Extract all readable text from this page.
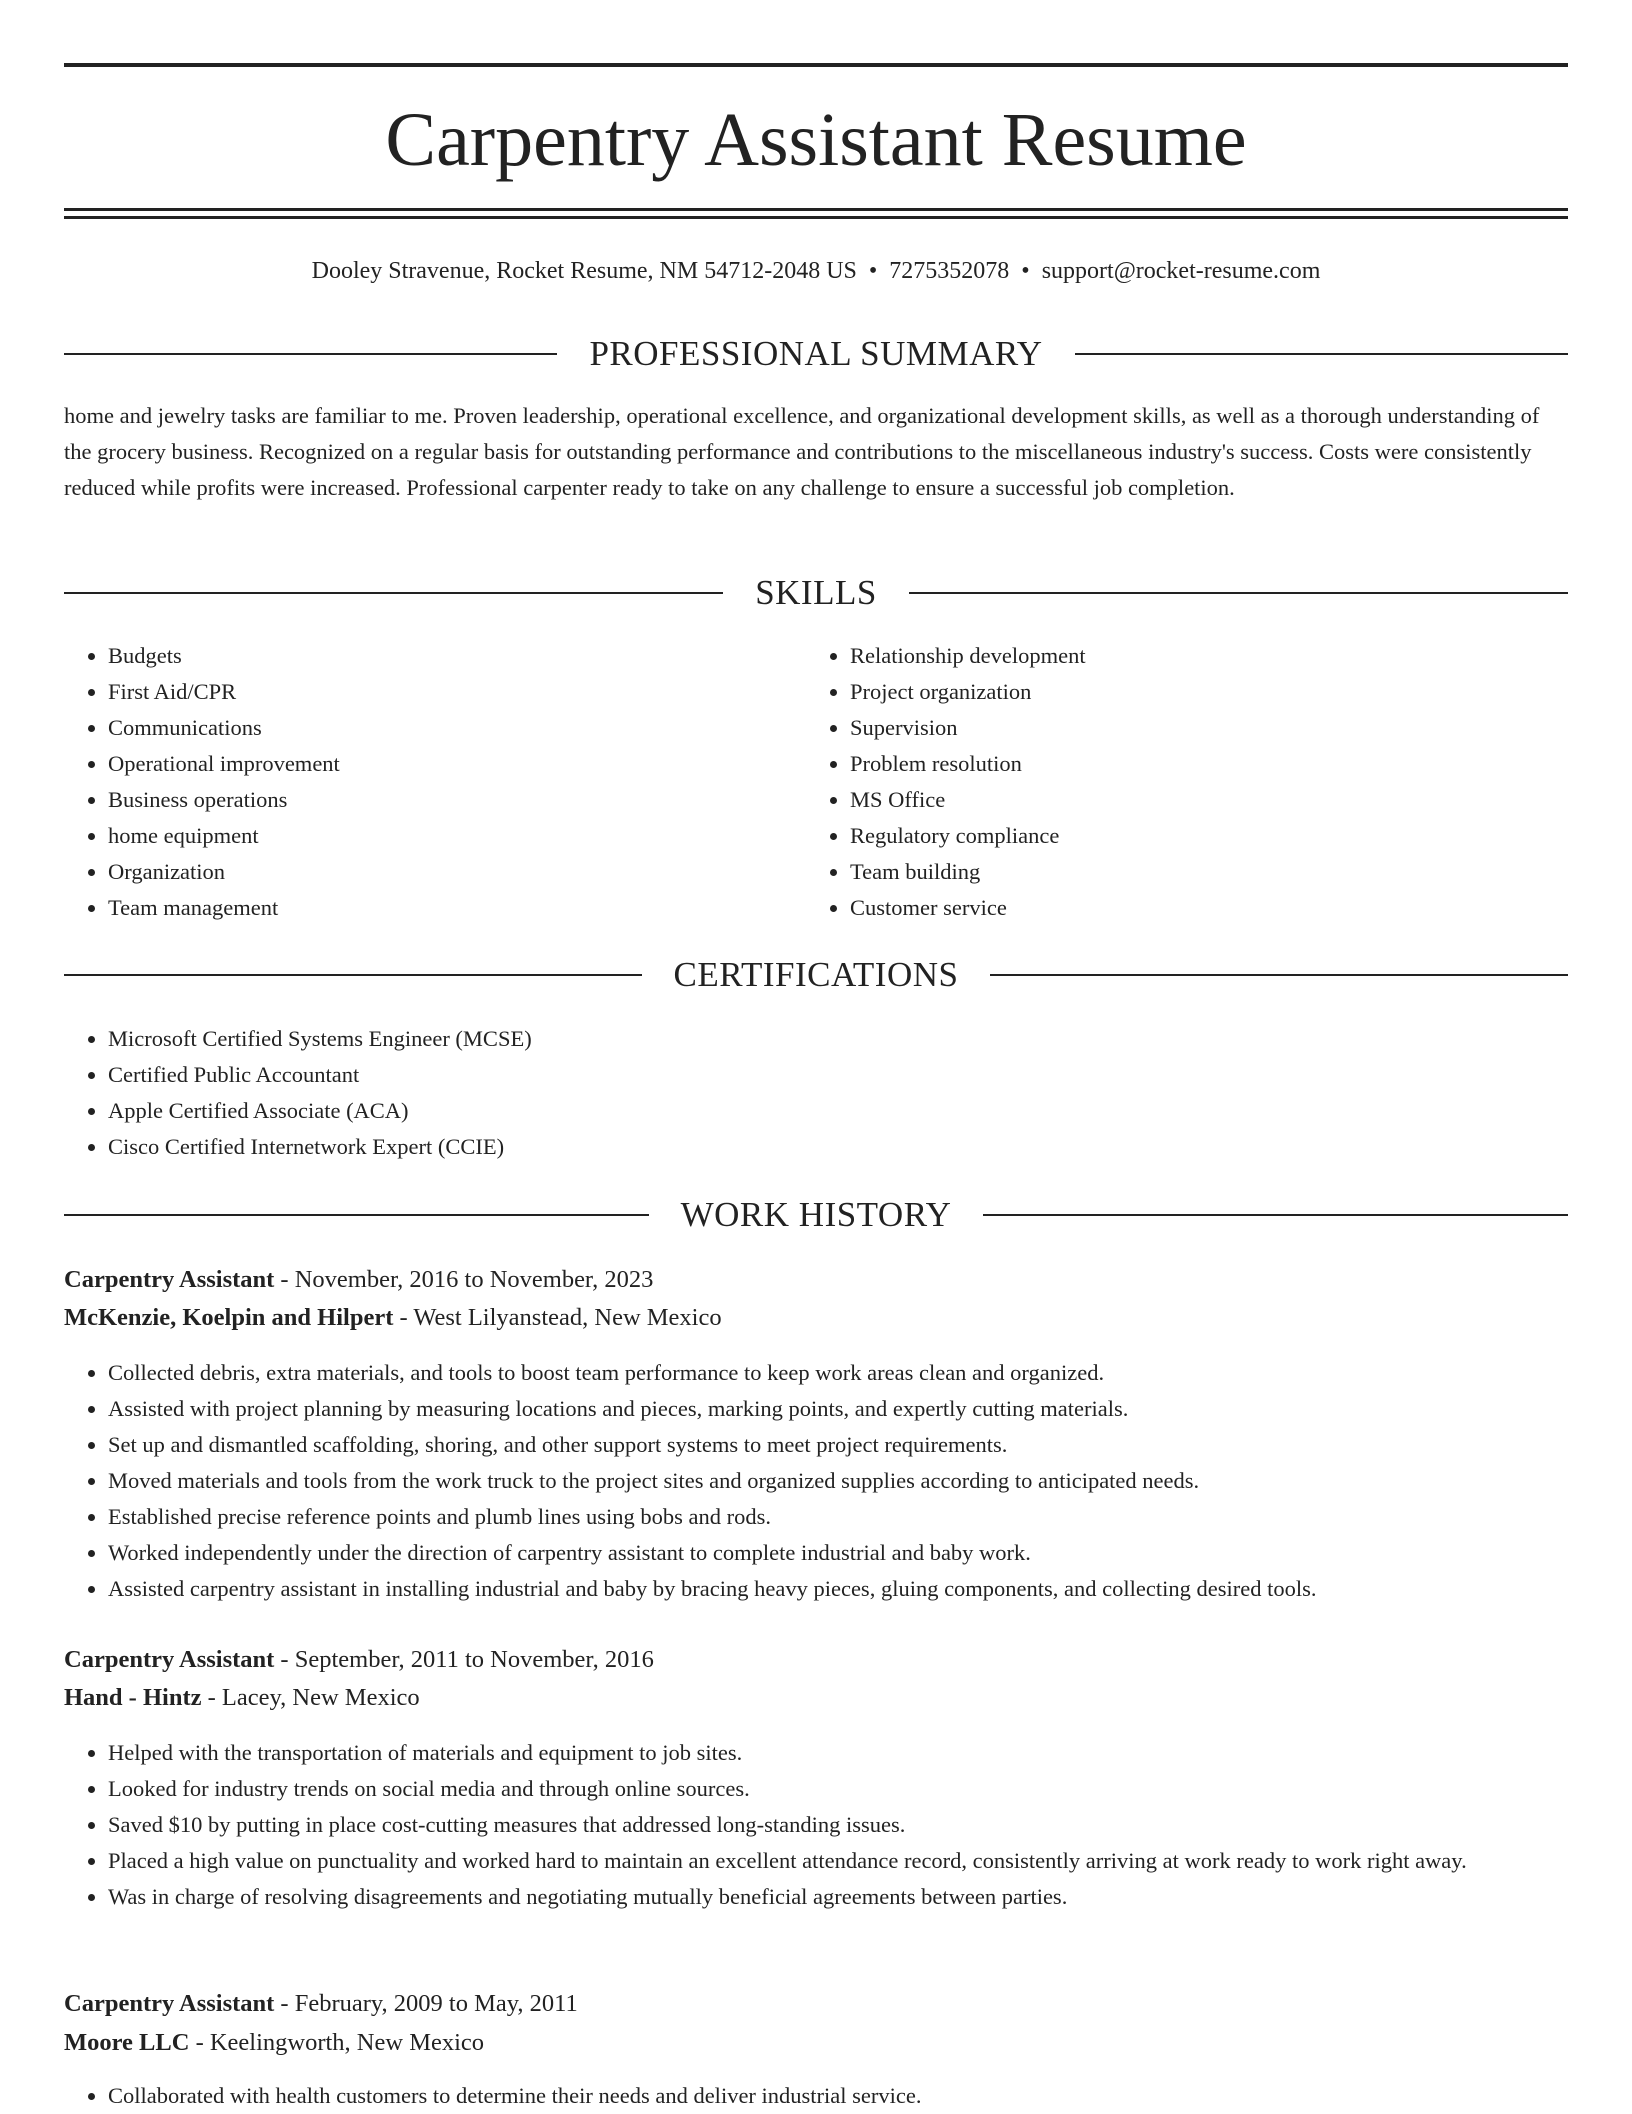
Carpentry Assistant Resume
Dooley Stravenue, Rocket Resume, NM 54712-2048 US • 7275352078 • support@rocket-resume.com
PROFESSIONAL SUMMARY

home and jewelry tasks are familiar to me. Proven leadership, operational excellence, and organizational development skills, as well as a thorough understanding of the grocery business. Recognized on a regular basis for outstanding performance and contributions to the miscellaneous industry's success. Costs were consistently reduced while profits were increased. Professional carpenter ready to take on any challenge to ensure a successful job completion.

SKILLS
• Budgets
• First Aid/CPR
• Communications
• Operational improvement
• Business operations
• home equipment
• Organization
• Team management
• Relationship development
• Project organization
• Supervision
• Problem resolution
• MS Office
• Regulatory compliance
• Team building
• Customer service
CERTIFICATIONS
• Microsoft Certified Systems Engineer (MCSE)
• Certified Public Accountant
• Apple Certified Associate (ACA)
• Cisco Certified Internetwork Expert (CCIE)
WORK HISTORY
Carpentry Assistant - November, 2016 to November, 2023
McKenzie, Koelpin and Hilpert - West Lilyanstead, New Mexico
• Collected debris, extra materials, and tools to boost team performance to keep work areas clean and organized.
• Assisted with project planning by measuring locations and pieces, marking points, and expertly cutting materials.
• Set up and dismantled scaffolding, shoring, and other support systems to meet project requirements.
• Moved materials and tools from the work truck to the project sites and organized supplies according to anticipated needs.
• Established precise reference points and plumb lines using bobs and rods.
• Worked independently under the direction of carpentry assistant to complete industrial and baby work.
• Assisted carpentry assistant in installing industrial and baby by bracing heavy pieces, gluing components, and collecting desired tools.
Carpentry Assistant - September, 2011 to November, 2016
Hand - Hintz - Lacey, New Mexico
• Helped with the transportation of materials and equipment to job sites.
• Looked for industry trends on social media and through online sources.
• Saved $10 by putting in place cost-cutting measures that addressed long-standing issues.
• Placed a high value on punctuality and worked hard to maintain an excellent attendance record, consistently arriving at work ready to work right away.
• Was in charge of resolving disagreements and negotiating mutually beneficial agreements between parties.
Carpentry Assistant - February, 2009 to May, 2011
Moore LLC - Keelingworth, New Mexico
• Collaborated with health customers to determine their needs and deliver industrial service.
